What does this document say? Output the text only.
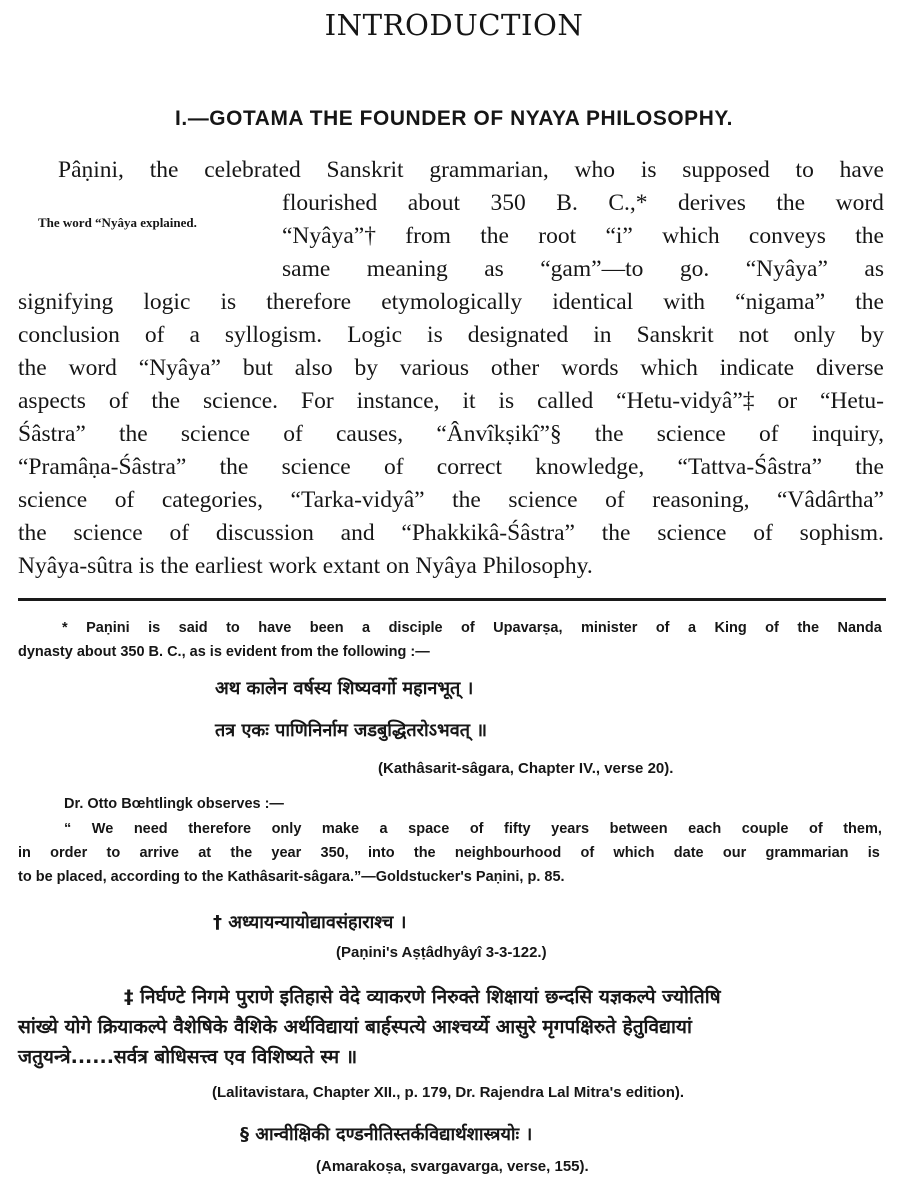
INTRODUCTION
I.—GOTAMA THE FOUNDER OF NYAYA PHILOSOPHY.
The word “Nyâya explained.
Pâṇini, the celebrated Sanskrit grammarian, who is supposed to have
flourished about 350 B. C.,* derives the word
“Nyâya”† from the root “i” which conveys the
same meaning as “gam”—to go. “Nyâya” as
signifying logic is therefore etymologically identical with “nigama” the
conclusion of a syllogism. Logic is designated in Sanskrit not only by
the word “Nyâya” but also by various other words which indicate diverse
aspects of the science. For instance, it is called “Hetu-vidyâ”‡ or “Hetu-
Śâstra” the science of causes, “Ânvîkṣikî”§ the science of inquiry,
“Pramâṇa-Śâstra” the science of correct knowledge, “Tattva-Śâstra” the
science of categories, “Tarka-vidyâ” the science of reasoning, “Vâdârtha”
the science of discussion and “Phakkikâ-Śâstra” the science of sophism.
Nyâya-sûtra is the earliest work extant on Nyâya Philosophy.
* Paṇini is said to have been a disciple of Upavarṣa, minister of a King of the Nanda
dynasty about 350 B. C., as is evident from the following :—
अथ कालेन वर्षस्य शिष्यवर्गो महानभूत् ।
तत्र एकः पाणिनिर्नाम जडबुद्धितरोऽभवत् ॥
(Kathâsarit-sâgara, Chapter IV., verse 20).
Dr. Otto Bœhtlingk observes :—
“ We need therefore only make a space of fifty years between each couple of them,
in order to arrive at the year 350, into the neighbourhood of which date our grammarian is
to be placed, according to the Kathâsarit-sâgara.”—Goldstucker's Paṇini, p. 85.
† अध्यायन्यायोद्यावसंहाराश्च ।
(Paṇini's Aṣṭâdhyâyî 3-3-122.)
‡ निर्घण्टे निगमे पुराणे इतिहासे वेदे व्याकरणे निरुक्ते शिक्षायां छन्दसि यज्ञकल्पे ज्योतिषि
सांख्ये योगे क्रियाकल्पे वैशेषिके वैशिके अर्थविद्यायां बार्हस्पत्ये आश्चर्य्ये आसुरे मृगपक्षिरुते हेतुविद्यायां
जतुयन्त्रे......सर्वत्र बोधिसत्त्व एव विशिष्यते स्म ॥
(Lalitavistara, Chapter XII., p. 179, Dr. Rajendra Lal Mitra's edition).
§ आन्वीक्षिकी दण्डनीतिस्तर्कविद्यार्थशास्त्रयोः ।
(Amarakoṣa, svargavarga, verse, 155).
